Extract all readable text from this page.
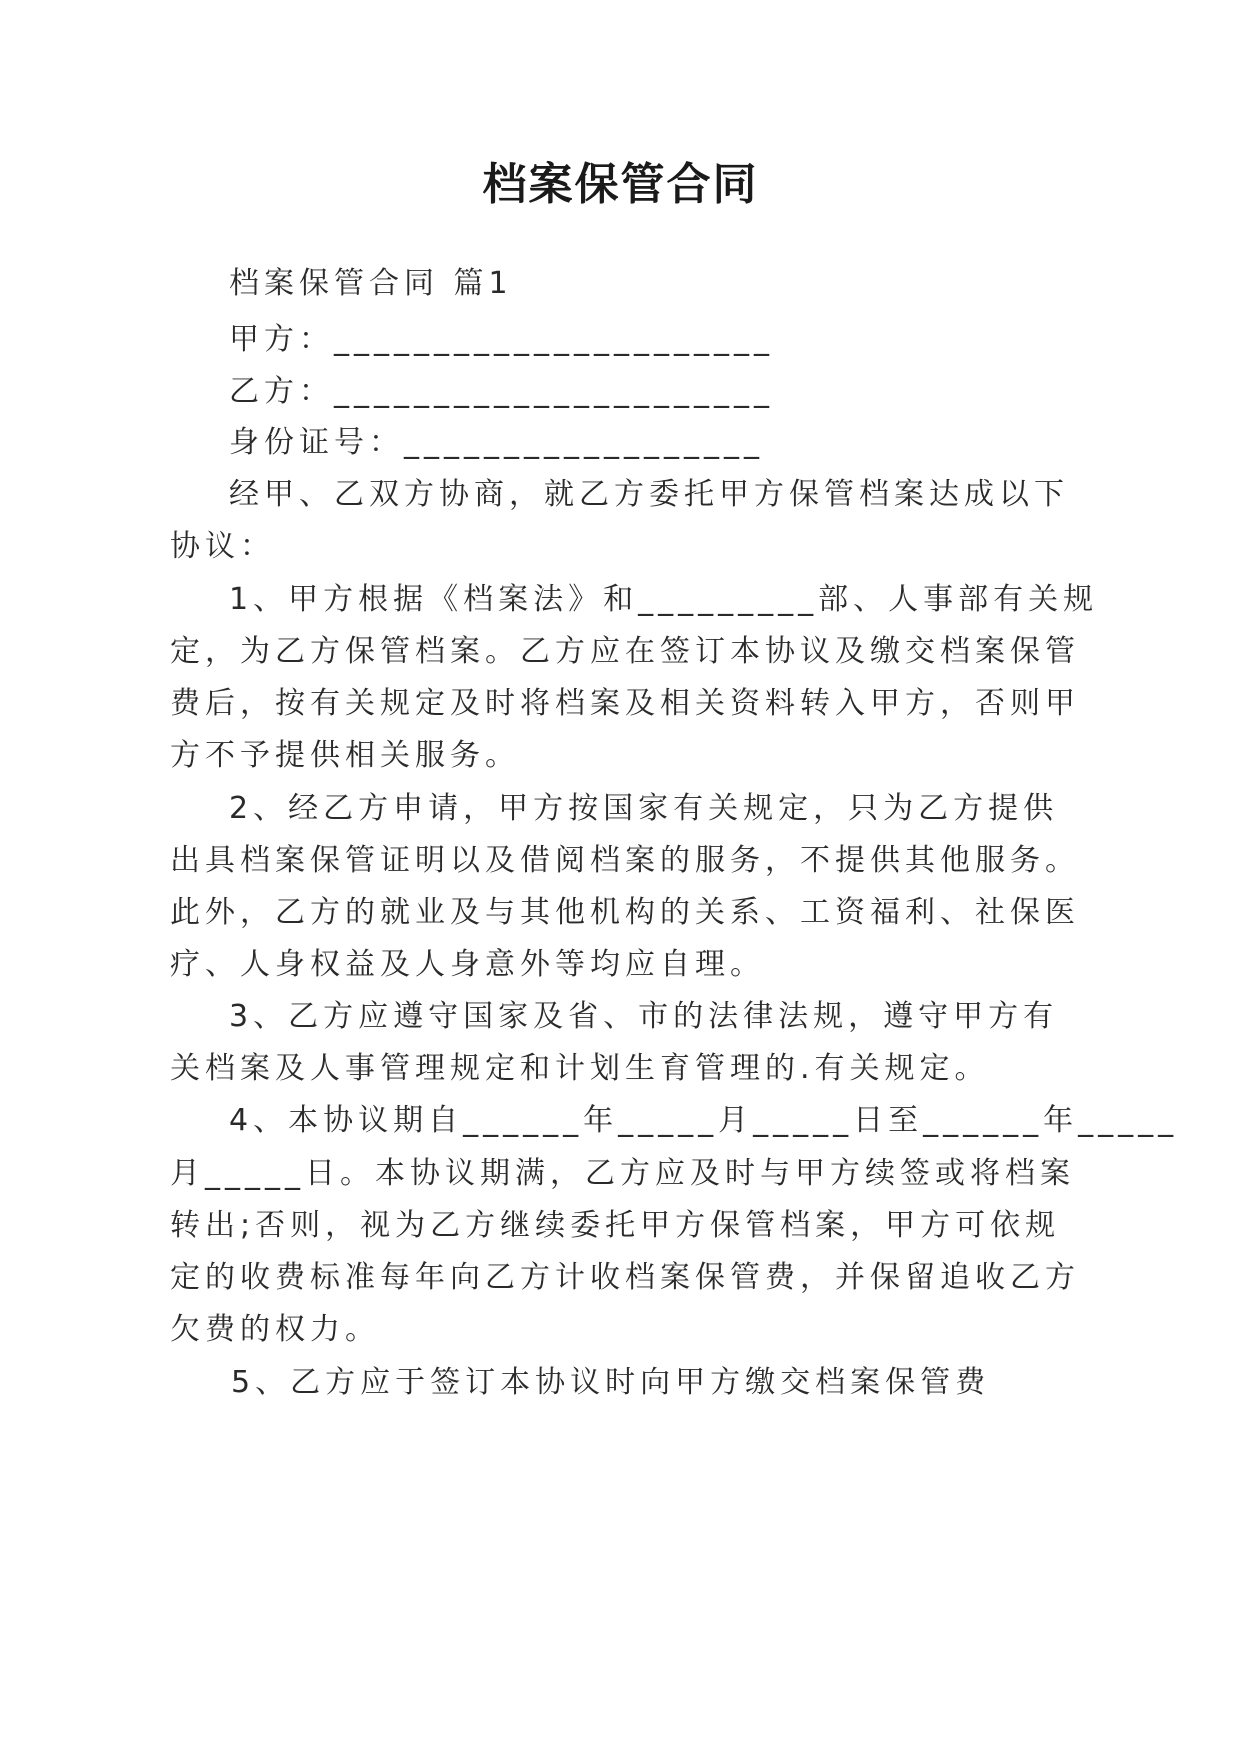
档案保管合同
档案保管合同 篇1
甲方：______________________
乙方：______________________
身份证号：__________________
经甲、乙双方协商，就乙方委托甲方保管档案达成以下
协议：
1、甲方根据《档案法》和_________部、人事部有关规
定，为乙方保管档案。乙方应在签订本协议及缴交档案保管
费后，按有关规定及时将档案及相关资料转入甲方，否则甲
方不予提供相关服务。
2、经乙方申请，甲方按国家有关规定，只为乙方提供
出具档案保管证明以及借阅档案的服务，不提供其他服务。
此外，乙方的就业及与其他机构的关系、工资福利、社保医
疗、人身权益及人身意外等均应自理。
3、乙方应遵守国家及省、市的法律法规，遵守甲方有
关档案及人事管理规定和计划生育管理的.有关规定。
4、本协议期自______年_____月_____日至______年_____
月_____日。本协议期满，乙方应及时与甲方续签或将档案
转出;否则，视为乙方继续委托甲方保管档案，甲方可依规
定的收费标准每年向乙方计收档案保管费，并保留追收乙方
欠费的权力。
5、乙方应于签订本协议时向甲方缴交档案保管费
